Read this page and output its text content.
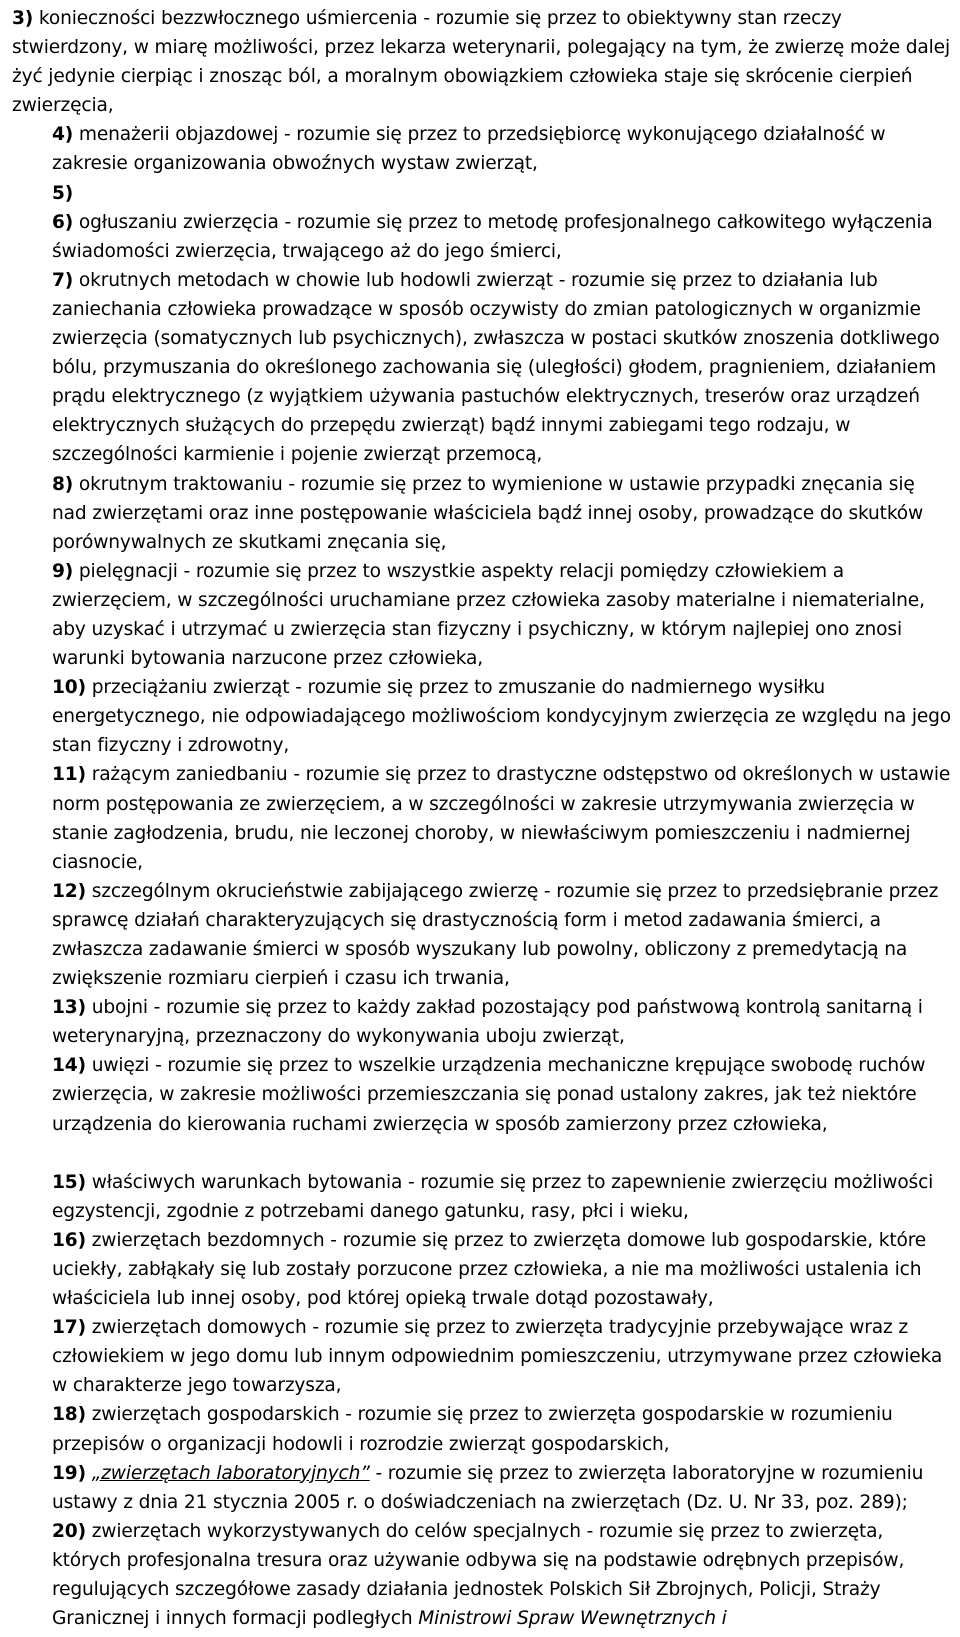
3) konieczności bezzwłocznego uśmiercenia - rozumie się przez to obiektywny stan rzeczy stwierdzony, w miarę możliwości, przez lekarza weterynarii, polegający na tym, że zwierzę może dalej żyć jedynie cierpiąc i znosząc ból, a moralnym obowiązkiem człowieka staje się skrócenie cierpień zwierzęcia,

4) menażerii objazdowej - rozumie się przez to przedsiębiorcę wykonującego działalność w zakresie organizowania obwoźnych wystaw zwierząt,

5)

6) ogłuszaniu zwierzęcia - rozumie się przez to metodę profesjonalnego całkowitego wyłączenia świadomości zwierzęcia, trwającego aż do jego śmierci,

7) okrutnych metodach w chowie lub hodowli zwierząt - rozumie się przez to działania lub zaniechania człowieka prowadzące w sposób oczywisty do zmian patologicznych w organizmie zwierzęcia (somatycznych lub psychicznych), zwłaszcza w postaci skutków znoszenia dotkliwego bólu, przymuszania do określonego zachowania się (uległości) głodem, pragnieniem, działaniem prądu elektrycznego (z wyjątkiem używania pastuchów elektrycznych, treserów oraz urządzeń elektrycznych służących do przepędu zwierząt) bądź innymi zabiegami tego rodzaju, w szczególności karmienie i pojenie zwierząt przemocą,

8) okrutnym traktowaniu - rozumie się przez to wymienione w ustawie przypadki znęcania się nad zwierzętami oraz inne postępowanie właściciela bądź innej osoby, prowadzące do skutków porównywalnych ze skutkami znęcania się,

9) pielęgnacji - rozumie się przez to wszystkie aspekty relacji pomiędzy człowiekiem a zwierzęciem, w szczególności uruchamiane przez człowieka zasoby materialne i niematerialne, aby uzyskać i utrzymać u zwierzęcia stan fizyczny i psychiczny, w którym najlepiej ono znosi warunki bytowania narzucone przez człowieka,

10) przeciążaniu zwierząt - rozumie się przez to zmuszanie do nadmiernego wysiłku energetycznego, nie odpowiadającego możliwościom kondycyjnym zwierzęcia ze względu na jego stan fizyczny i zdrowotny,

11) rażącym zaniedbaniu - rozumie się przez to drastyczne odstępstwo od określonych w ustawie norm postępowania ze zwierzęciem, a w szczególności w zakresie utrzymywania zwierzęcia w stanie zagłodzenia, brudu, nie leczonej choroby, w niewłaściwym pomieszczeniu i nadmiernej ciasnocie,

12) szczególnym okrucieństwie zabijającego zwierzę - rozumie się przez to przedsiębranie przez sprawcę działań charakteryzujących się drastycznością form i metod zadawania śmierci, a zwłaszcza zadawanie śmierci w sposób wyszukany lub powolny, obliczony z premedytacją na zwiększenie rozmiaru cierpień i czasu ich trwania,

13) ubojni - rozumie się przez to każdy zakład pozostający pod państwową kontrolą sanitarną i weterynaryjną, przeznaczony do wykonywania uboju zwierząt,

14) uwięzi - rozumie się przez to wszelkie urządzenia mechaniczne krępujące swobodę ruchów zwierzęcia, w zakresie możliwości przemieszczania się ponad ustalony zakres, jak też niektóre urządzenia do kierowania ruchami zwierzęcia w sposób zamierzony przez człowieka,

15) właściwych warunkach bytowania - rozumie się przez to zapewnienie zwierzęciu możliwości egzystencji, zgodnie z potrzebami danego gatunku, rasy, płci i wieku,

16) zwierzętach bezdomnych - rozumie się przez to zwierzęta domowe lub gospodarskie, które uciekły, zabłąkały się lub zostały porzucone przez człowieka, a nie ma możliwości ustalenia ich właściciela lub innej osoby, pod której opieką trwale dotąd pozostawały,

17) zwierzętach domowych - rozumie się przez to zwierzęta tradycyjnie przebywające wraz z człowiekiem w jego domu lub innym odpowiednim pomieszczeniu, utrzymywane przez człowieka w charakterze jego towarzysza,

18) zwierzętach gospodarskich - rozumie się przez to zwierzęta gospodarskie w rozumieniu przepisów o organizacji hodowli i rozrodzie zwierząt gospodarskich,

19) „zwierzętach laboratoryjnych” - rozumie się przez to zwierzęta laboratoryjne w rozumieniu ustawy z dnia 21 stycznia 2005 r. o doświadczeniach na zwierzętach (Dz. U. Nr 33, poz. 289);

20) zwierzętach wykorzystywanych do celów specjalnych - rozumie się przez to zwierzęta, których profesjonalna tresura oraz używanie odbywa się na podstawie odrębnych przepisów, regulujących szczegółowe zasady działania jednostek Polskich Sił Zbrojnych, Policji, Straży Granicznej i innych formacji podległych Ministrowi Spraw Wewnętrznych i
